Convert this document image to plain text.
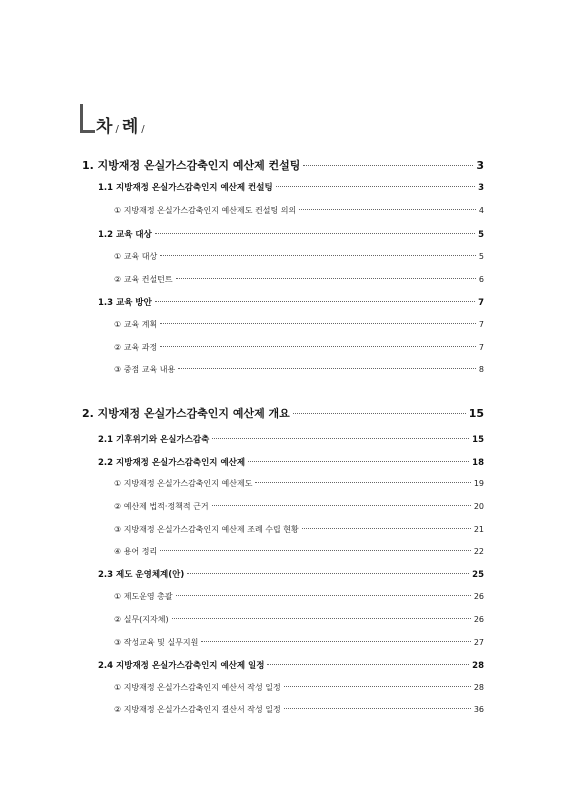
차 / 례 /
1. 지방재정 온실가스감축인지 예산제 컨설팅	3
1.1 지방재정 온실가스감축인지 예산제 컨설팅	3
① 지방재정 온실가스감축인지 예산제도 컨설팅 의의	4
1.2 교육 대상	5
① 교육 대상	5
② 교육 컨설턴트	6
1.3 교육 방안	7
① 교육 계획	7
② 교육 과정	7
③ 중점 교육 내용	8
2. 지방재정 온실가스감축인지 예산제 개요	15
2.1 기후위기와 온실가스감축	15
2.2 지방재정 온실가스감축인지 예산제	18
① 지방재정 온실가스감축인지 예산제도	19
② 예산제 법적·정책적 근거	20
③ 지방재정 온실가스감축인지 예산제 조례 수립 현황	21
④ 용어 정리	22
2.3 제도 운영체계(안)	25
① 제도운영 총괄	26
② 실무(지자체)	26
③ 작성교육 및 실무지원	27
2.4 지방재정 온실가스감축인지 예산제 일정	28
① 지방재정 온실가스감축인지 예산서 작성 일정	28
② 지방재정 온실가스감축인지 결산서 작성 일정	36
